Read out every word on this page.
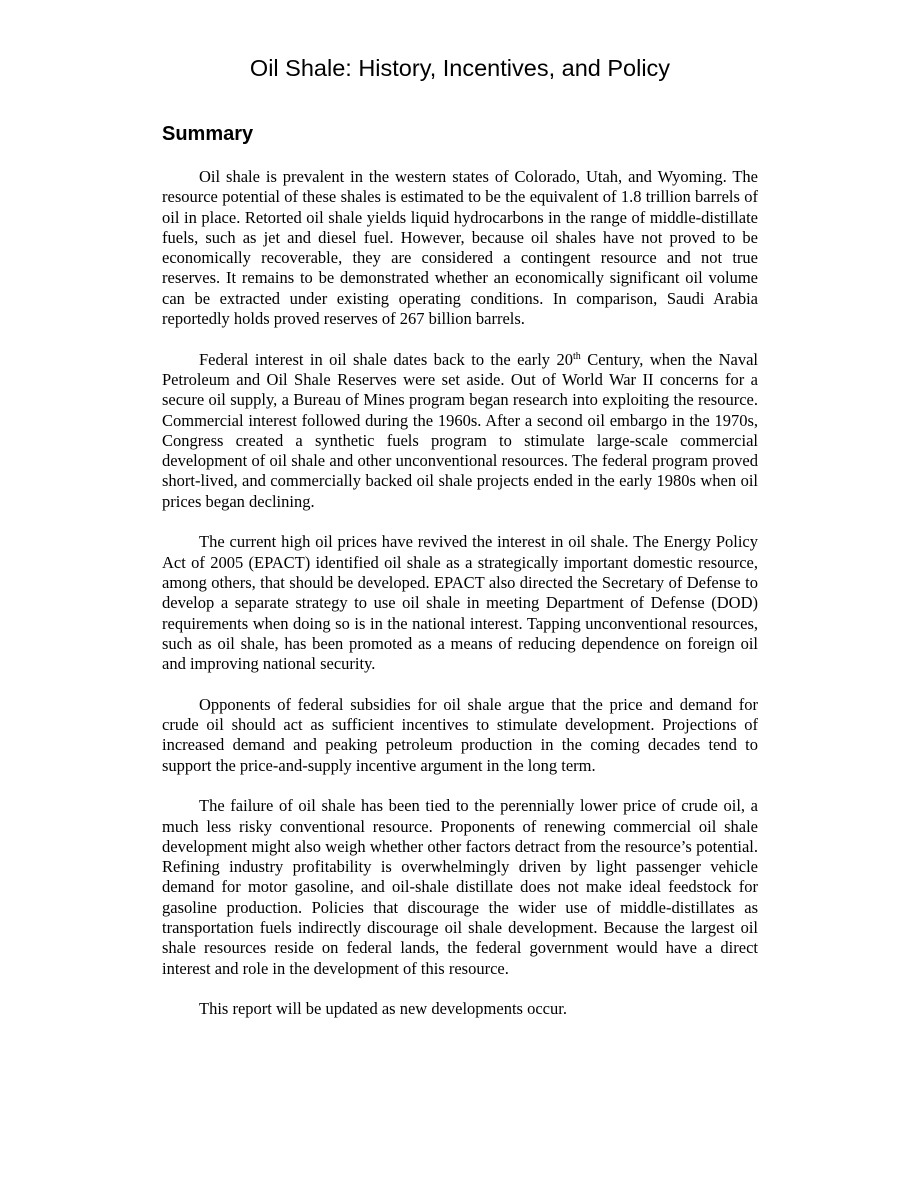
Oil Shale: History, Incentives, and Policy
Summary

Oil shale is prevalent in the western states of Colorado, Utah, and Wyoming. The resource potential of these shales is estimated to be the equivalent of 1.8 trillion barrels of oil in place. Retorted oil shale yields liquid hydrocarbons in the range of middle-distillate fuels, such as jet and diesel fuel. However, because oil shales have not proved to be economically recoverable, they are considered a contingent resource and not true reserves. It remains to be demonstrated whether an economically significant oil volume can be extracted under existing operating conditions. In comparison, Saudi Arabia reportedly holds proved reserves of 267 billion barrels.

Federal interest in oil shale dates back to the early 20th Century, when the Naval Petroleum and Oil Shale Reserves were set aside. Out of World War II concerns for a secure oil supply, a Bureau of Mines program began research into exploiting the resource. Commercial interest followed during the 1960s. After a second oil embargo in the 1970s, Congress created a synthetic fuels program to stimulate large-scale commercial development of oil shale and other unconventional resources. The federal program proved short-lived, and commercially backed oil shale projects ended in the early 1980s when oil prices began declining.

The current high oil prices have revived the interest in oil shale. The Energy Policy Act of 2005 (EPACT) identified oil shale as a strategically important domestic resource, among others, that should be developed. EPACT also directed the Secretary of Defense to develop a separate strategy to use oil shale in meeting Department of Defense (DOD) requirements when doing so is in the national interest. Tapping unconventional resources, such as oil shale, has been promoted as a means of reducing dependence on foreign oil and improving national security.

Opponents of federal subsidies for oil shale argue that the price and demand for crude oil should act as sufficient incentives to stimulate development. Projections of increased demand and peaking petroleum production in the coming decades tend to support the price-and-supply incentive argument in the long term.

The failure of oil shale has been tied to the perennially lower price of crude oil, a much less risky conventional resource. Proponents of renewing commercial oil shale development might also weigh whether other factors detract from the resource’s potential. Refining industry profitability is overwhelmingly driven by light passenger vehicle demand for motor gasoline, and oil-shale distillate does not make ideal feedstock for gasoline production. Policies that discourage the wider use of middle-distillates as transportation fuels indirectly discourage oil shale development. Because the largest oil shale resources reside on federal lands, the federal government would have a direct interest and role in the development of this resource.

This report will be updated as new developments occur.
